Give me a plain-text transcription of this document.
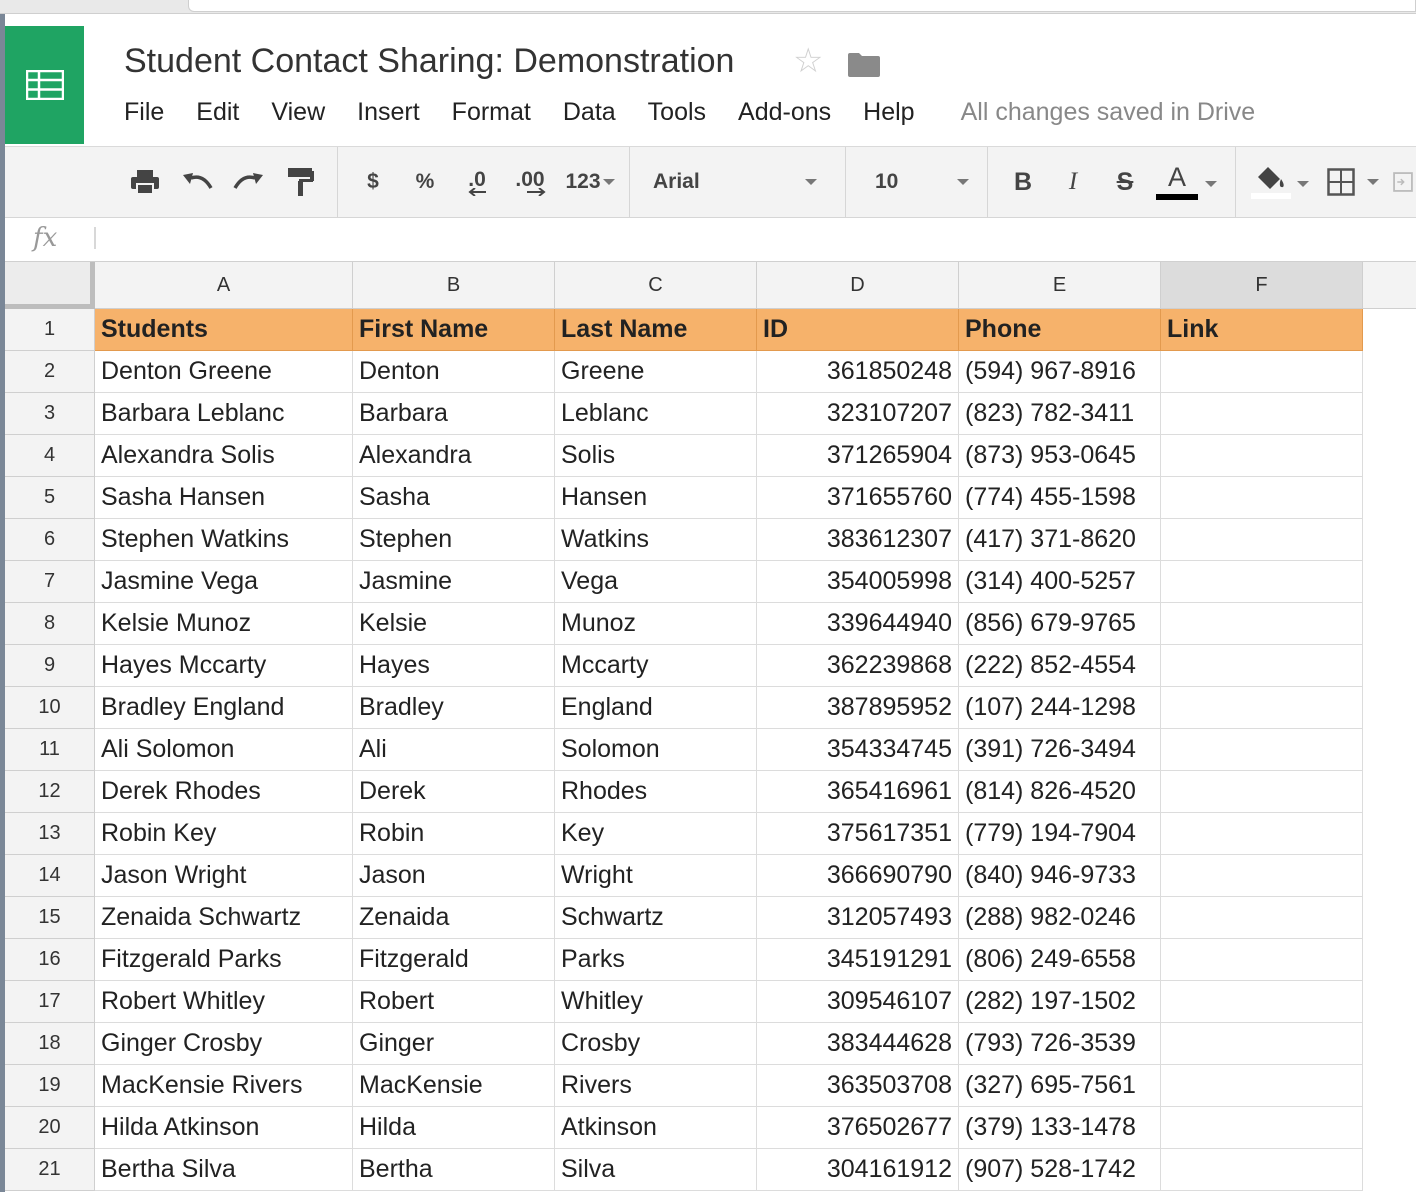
Student Contact Sharing: Demonstration ☆
File Edit View Insert Format Data Tools Add-ons Help All changes saved in Drive
$	%	.0 .00 123	Arial	10	B	I	S A
fx
A	B	C	D	E	F
1	Students	First Name	Last Name	ID	Phone	Link
2	Denton Greene	Denton	Greene	361850248 (594) 967-8916
3	Barbara Leblanc	Barbara	Leblanc	323107207 (823) 782-3411
4	Alexandra Solis	Alexandra	Solis	371265904 (873) 953-0645
5	Sasha Hansen	Sasha	Hansen	371655760 (774) 455-1598
6	Stephen Watkins	Stephen	Watkins	383612307 (417) 371-8620
7	Jasmine Vega	Jasmine	Vega	354005998 (314) 400-5257
8	Kelsie Munoz	Kelsie	Munoz	339644940 (856) 679-9765
9	Hayes Mccarty	Hayes	Mccarty	362239868 (222) 852-4554
10	Bradley England	Bradley	England	387895952 (107) 244-1298
11	Ali Solomon	Ali	Solomon	354334745 (391) 726-3494
12	Derek Rhodes	Derek	Rhodes	365416961 (814) 826-4520
13	Robin Key	Robin	Key	375617351 (779) 194-7904
14	Jason Wright	Jason	Wright	366690790 (840) 946-9733
15	Zenaida Schwartz	Zenaida	Schwartz	312057493 (288) 982-0246
16	Fitzgerald Parks	Fitzgerald	Parks	345191291 (806) 249-6558
17	Robert Whitley	Robert	Whitley	309546107 (282) 197-1502
18	Ginger Crosby	Ginger	Crosby	383444628 (793) 726-3539
19	MacKensie Rivers	MacKensie	Rivers	363503708 (327) 695-7561
20	Hilda Atkinson	Hilda	Atkinson	376502677 (379) 133-1478
21	Bertha Silva	Bertha	Silva	304161912 (907) 528-1742
